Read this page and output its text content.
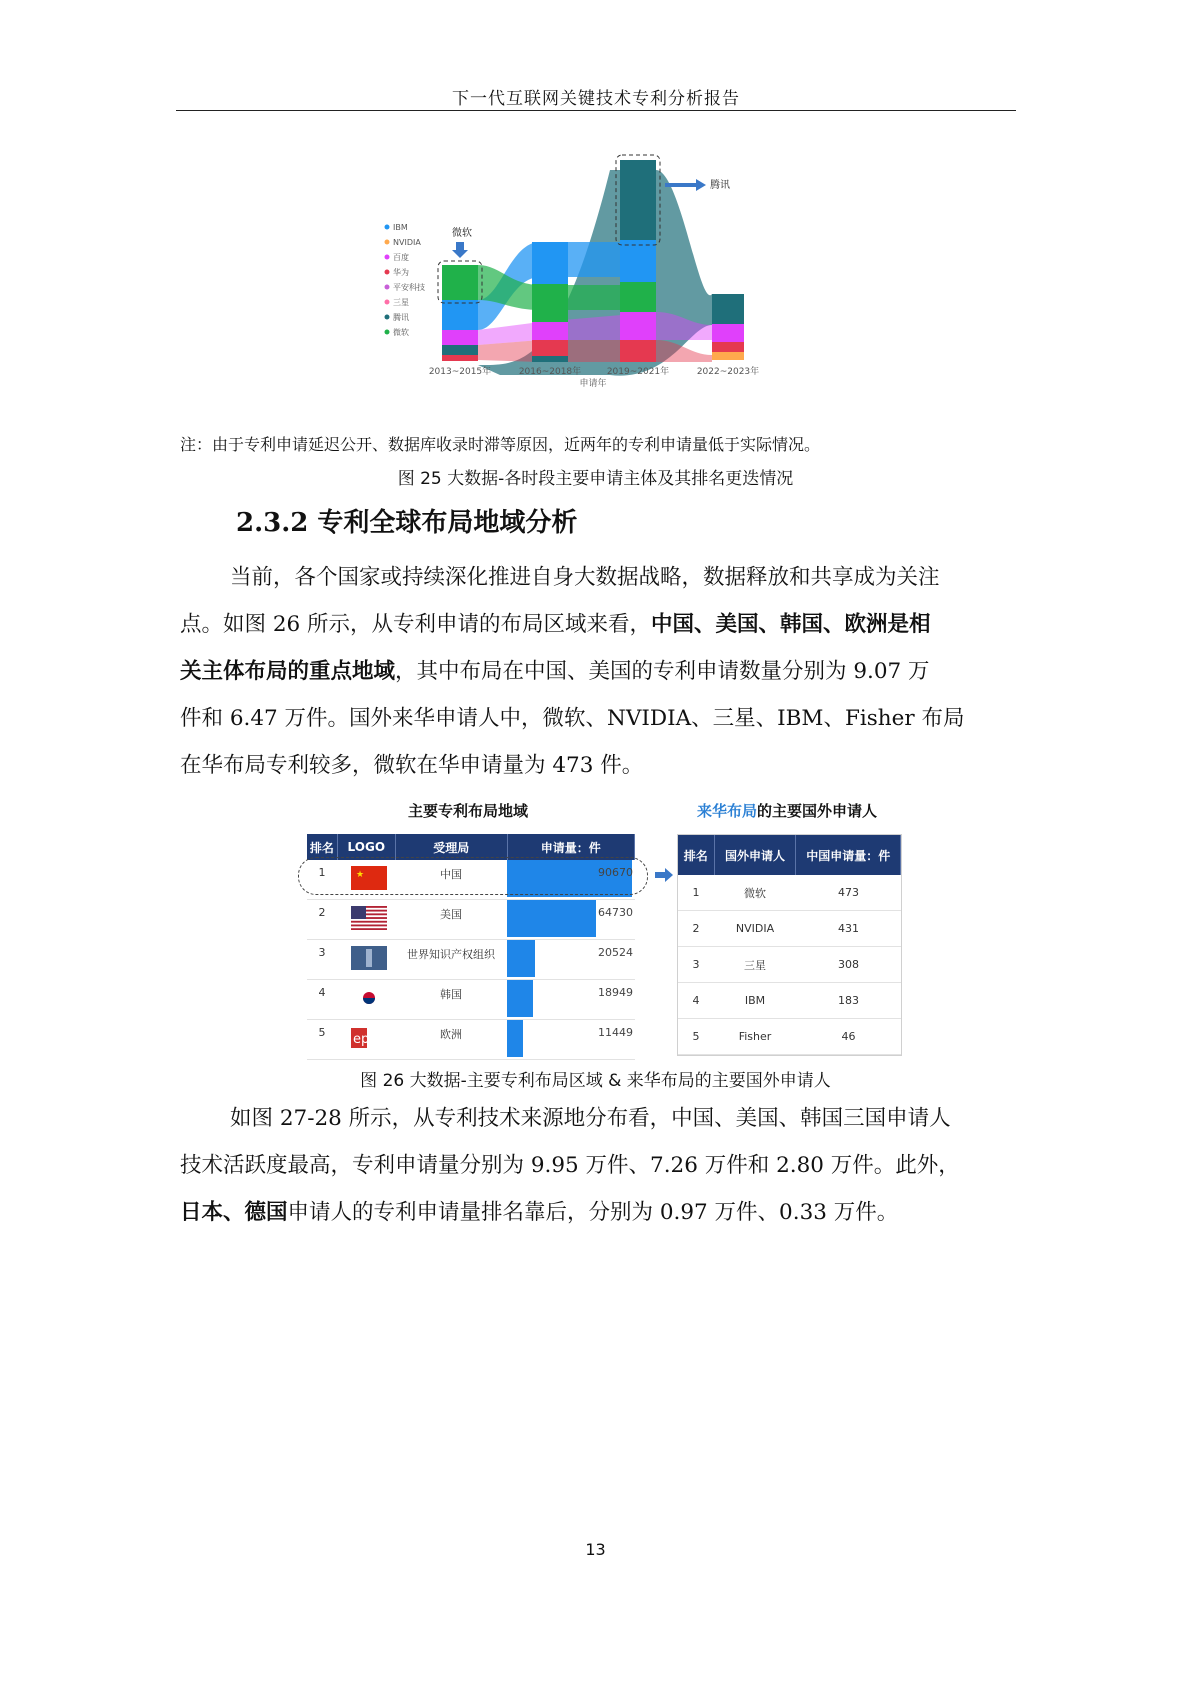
下一代互联网关键技术专利分析报告
IBM
NVIDIA
百度
华为
平安科技
三星
腾讯
微软
微软
腾讯
2013~2015年	2016~2018年	2019~2021年	2022~2023年
申请年
注：由于专利申请延迟公开、数据库收录时滞等原因，近两年的专利申请量低于实际情况。
图 25 大数据-各时段主要申请主体及其排名更迭情况
2.3.2 专利全球布局地域分析
当前，各个国家或持续深化推进自身大数据战略，数据释放和共享成为关注
点。如图 26 所示，从专利申请的布局区域来看，中国、美国、韩国、欧洲是相
关主体布局的重点地域，其中布局在中国、美国的专利申请数量分别为 9.07 万
件和 6.47 万件。国外来华申请人中，微软、NVIDIA、三星、IBM、Fisher 布局
在华布局专利较多，微软在华申请量为 473 件。
主要专利布局地域	来华布局的主要国外申请人
排名	LOGO	受理局	申请量：件
1	★	中国	90670
2	美国	64730
3	世界知识产权组织	20524
4	韩国	18949
5	ep	欧洲	11449
排名	国外申请人	中国申请量：件
1	微软	473
2	NVIDIA	431
3	三星	308
4	IBM	183
5	Fisher	46
图 26 大数据-主要专利布局区域 & 来华布局的主要国外申请人
如图 27-28 所示，从专利技术来源地分布看，中国、美国、韩国三国申请人
技术活跃度最高，专利申请量分别为 9.95 万件、7.26 万件和 2.80 万件。此外，
日本、德国申请人的专利申请量排名靠后，分别为 0.97 万件、0.33 万件。
13
